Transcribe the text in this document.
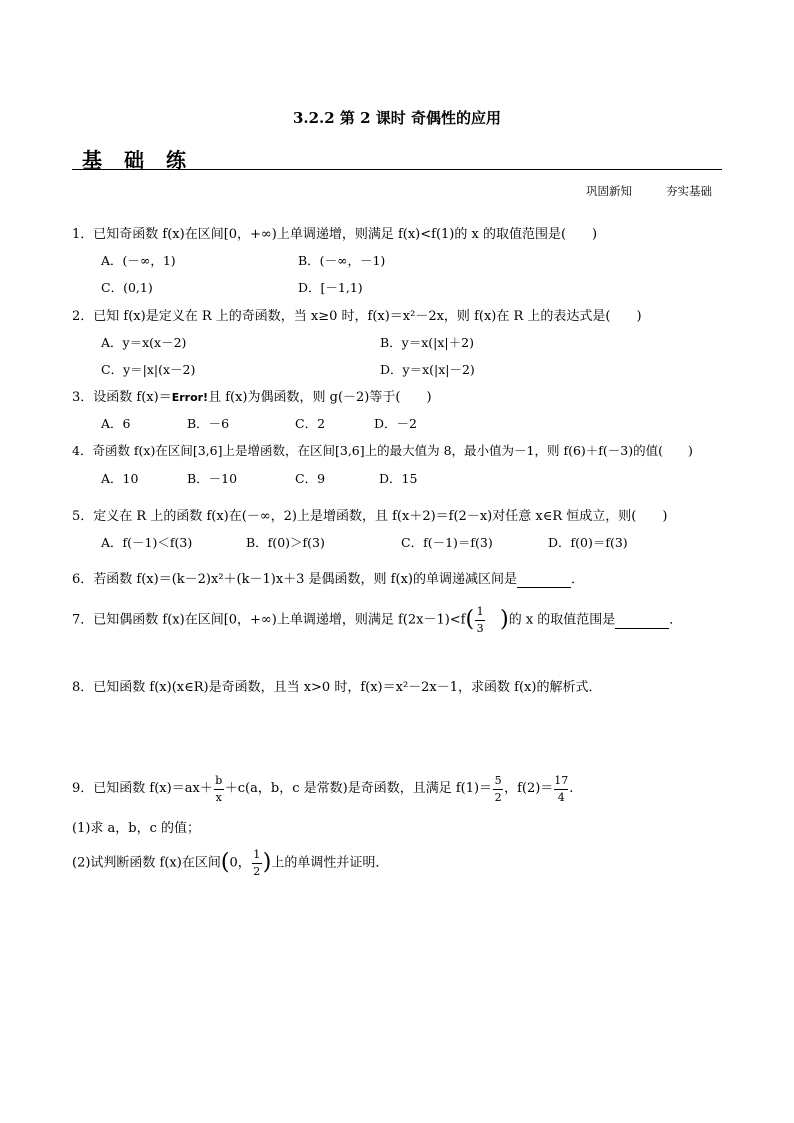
3.2.2 第 2 课时 奇偶性的应用
基础练
巩固新知	夯实基础
1．已知奇函数 f(x)在区间[0，+∞)上单调递增，则满足 f(x)<f(1)的 x 的取值范围是(　　)
A．(－∞，1)	B．(－∞，－1)
C．(0,1)	D．[－1,1)
2．已知 f(x)是定义在 R 上的奇函数，当 x≥0 时，f(x)＝x²－2x，则 f(x)在 R 上的表达式是(　　)
A．y＝x(x－2)	B．y＝x(|x|＋2)
C．y＝|x|(x－2)	D．y＝x(|x|－2)
3．设函数 f(x)＝Error!且 f(x)为偶函数，则 g(－2)等于(　　)
A．6	B．－6	C．2	D．－2
4．奇函数 f(x)在区间[3,6]上是增函数，在区间[3,6]上的最大值为 8，最小值为－1，则 f(6)＋f(－3)的值(　　)
A．10	B．－10	C．9	D．15
5．定义在 R 上的函数 f(x)在(－∞，2)上是增函数，且 f(x＋2)＝f(2－x)对任意 x∈R 恒成立，则(　　)
A．f(－1)＜f(3)	B．f(0)＞f(3)	C．f(－1)＝f(3)	D．f(0)＝f(3)
6．若函数 f(x)＝(k－2)x²＋(k－1)x＋3 是偶函数，则 f(x)的单调递减区间是	．
7．已知偶函数 f(x)在区间[0，+∞)上单调递增，则满足 $f(2x-1)<f( \frac{1}{3}$ )的 x 的取值范围是	．
8．已知函数 f(x)(x∈R)是奇函数，且当 x>0 时，f(x)＝x²－2x－1，求函数 f(x)的解析式．
9．已知函数 $f(x)=ax+ \frac{b}{x} +c(a$，b，c 是常数)是奇函数，且满足 $f(1)= \frac{5}{2}$ ，$f(2)= \frac{17}{4}$ .
(1)求 a，b，c 的值；
(2)试判断函数 f(x)在区间(0， $\frac{1}{2}$ )上的单调性并证明．
